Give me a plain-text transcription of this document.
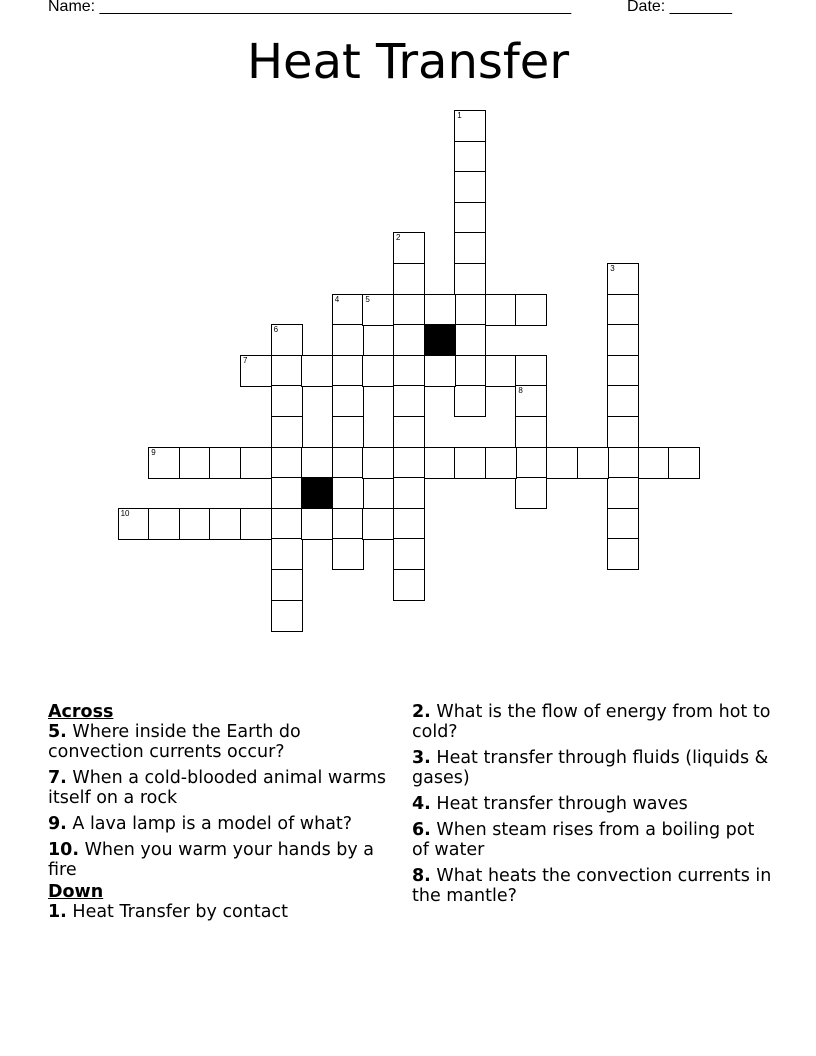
Name: _____________________________________________________	Date: _______
Heat Transfer
1
2
3
4	5
6
7
8
9
10
Across
5. Where inside the Earth do convection currents occur?
7. When a cold-blooded animal warms itself on a rock
9. A lava lamp is a model of what?
10. When you warm your hands by a fire
Down
1. Heat Transfer by contact
2. What is the flow of energy from hot to cold?
3. Heat transfer through fluids (liquids & gases)
4. Heat transfer through waves
6. When steam rises from a boiling pot of water
8. What heats the convection currents in the mantle?
